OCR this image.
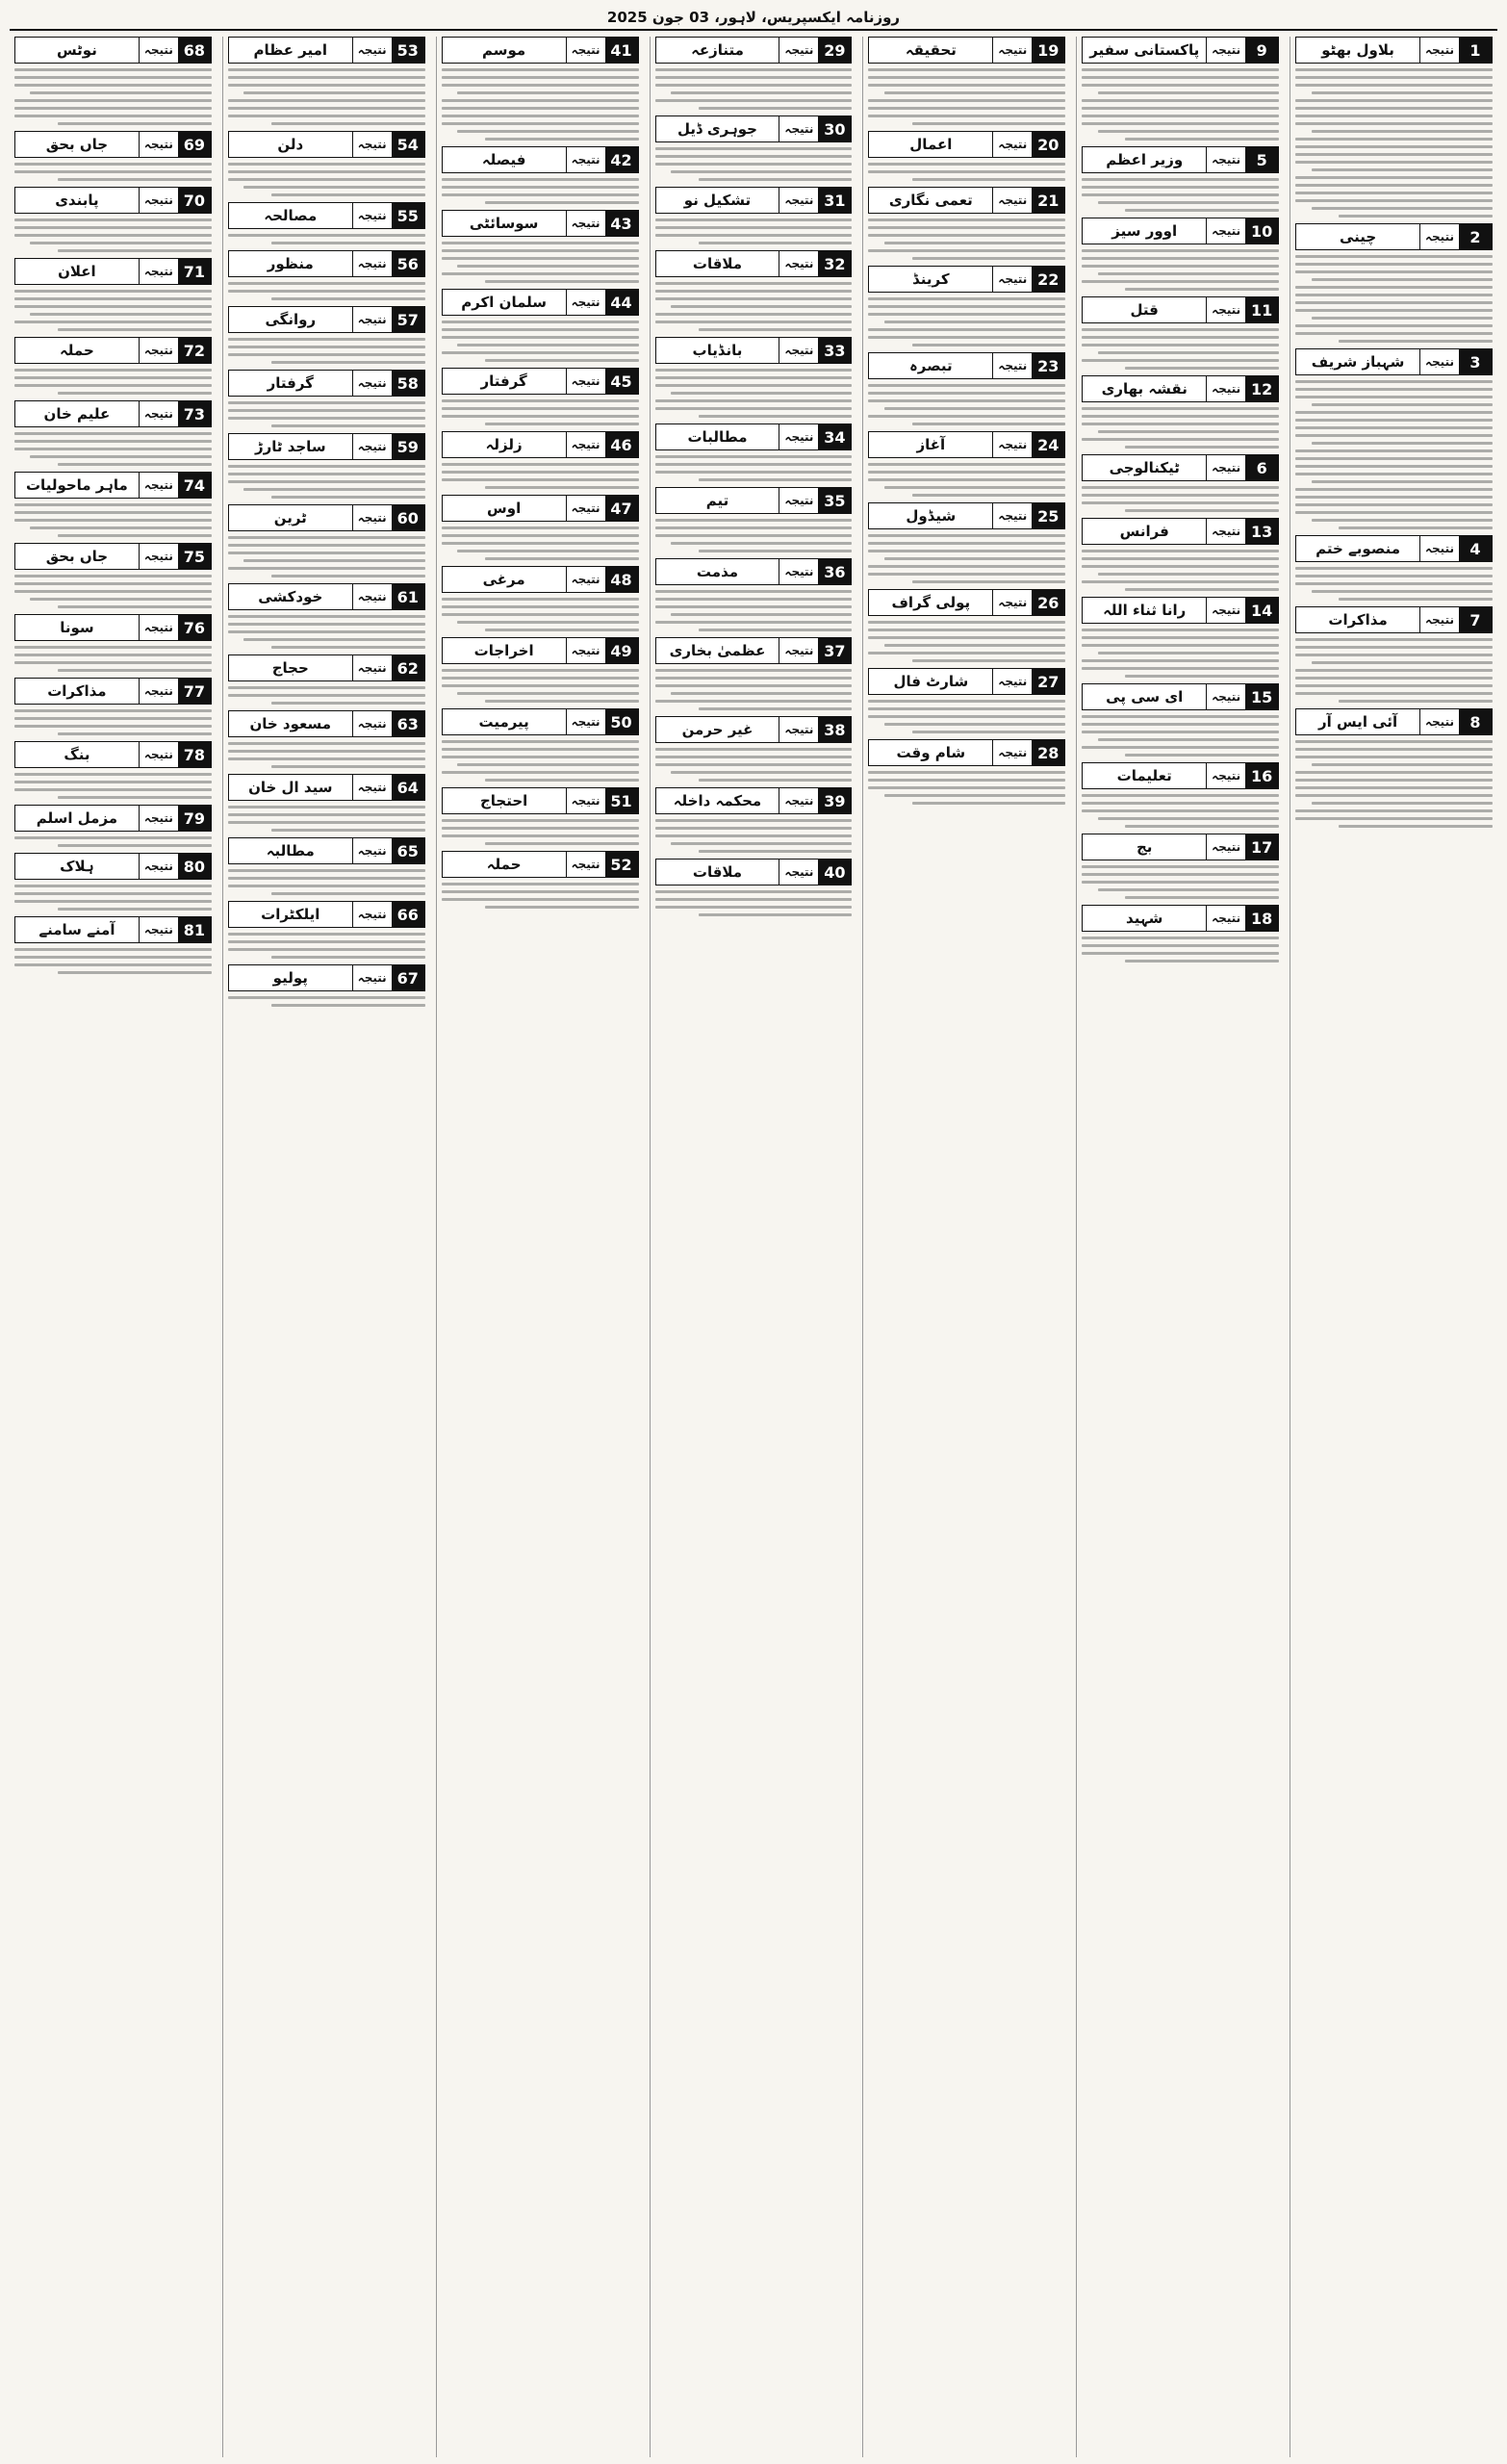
روزنامہ ایکسپریس، لاہور، 03 جون 2025
1
نتیجہ
بلاول بھٹو
2
نتیجہ
چینی
3
نتیجہ
شہباز شریف
4
نتیجہ
منصوبے ختم
7
نتیجہ
مذاکرات
8
نتیجہ
آئی ایس آر
9
نتیجہ
پاکستانی سفیر
5
نتیجہ
وزیر اعظم
10
نتیجہ
اوور سیز
11
نتیجہ
قتل
12
نتیجہ
نقشہ بھاری
6
نتیجہ
ٹیکنالوجی
13
نتیجہ
فرانس
14
نتیجہ
رانا ثناء اللہ
15
نتیجہ
ای سی پی
16
نتیجہ
تعلیمات
17
نتیجہ
بج
18
نتیجہ
شہید
19
نتیجہ
تحقیقہ
20
نتیجہ
اعمال
21
نتیجہ
تعمی نگاری
22
نتیجہ
کرینڈ
23
نتیجہ
تبصرہ
24
نتیجہ
آغاز
25
نتیجہ
شیڈول
26
نتیجہ
پولی گراف
27
نتیجہ
شارٹ فال
28
نتیجہ
شام وقت
29
نتیجہ
متنازعہ
30
نتیجہ
جوہری ڈیل
31
نتیجہ
تشکیل نو
32
نتیجہ
ملاقات
33
نتیجہ
بانڈیاب
34
نتیجہ
مطالبات
35
نتیجہ
تیم
36
نتیجہ
مذمت
37
نتیجہ
عظمیٰ بخاری
38
نتیجہ
غیر حرمن
39
نتیجہ
محکمہ داخلہ
40
نتیجہ
ملاقات
41
نتیجہ
موسم
42
نتیجہ
فیصلہ
43
نتیجہ
سوسائٹی
44
نتیجہ
سلمان اکرم
45
نتیجہ
گرفتار
46
نتیجہ
زلزلہ
47
نتیجہ
اوس
48
نتیجہ
مرغی
49
نتیجہ
اخراجات
50
نتیجہ
پیرمیت
51
نتیجہ
احتجاج
52
نتیجہ
حملہ
53
نتیجہ
امیر عظام
54
نتیجہ
دلن
55
نتیجہ
مصالحہ
56
نتیجہ
منظور
57
نتیجہ
روانگی
58
نتیجہ
گرفتار
59
نتیجہ
ساجد ٹارڑ
60
نتیجہ
ٹرین
61
نتیجہ
خودکشی
62
نتیجہ
حجاج
63
نتیجہ
مسعود خان
64
نتیجہ
سید ال خان
65
نتیجہ
مطالبہ
66
نتیجہ
ایلکٹرات
67
نتیجہ
پولیو
68
نتیجہ
نوٹس
69
نتیجہ
جاں بحق
70
نتیجہ
پابندی
71
نتیجہ
اعلان
72
نتیجہ
حملہ
73
نتیجہ
علیم خان
74
نتیجہ
ماہر ماحولیات
75
نتیجہ
جاں بحق
76
نتیجہ
سونا
77
نتیجہ
مذاکرات
78
نتیجہ
بنگ
79
نتیجہ
مزمل اسلم
80
نتیجہ
ہلاک
81
نتیجہ
آمنے سامنے
